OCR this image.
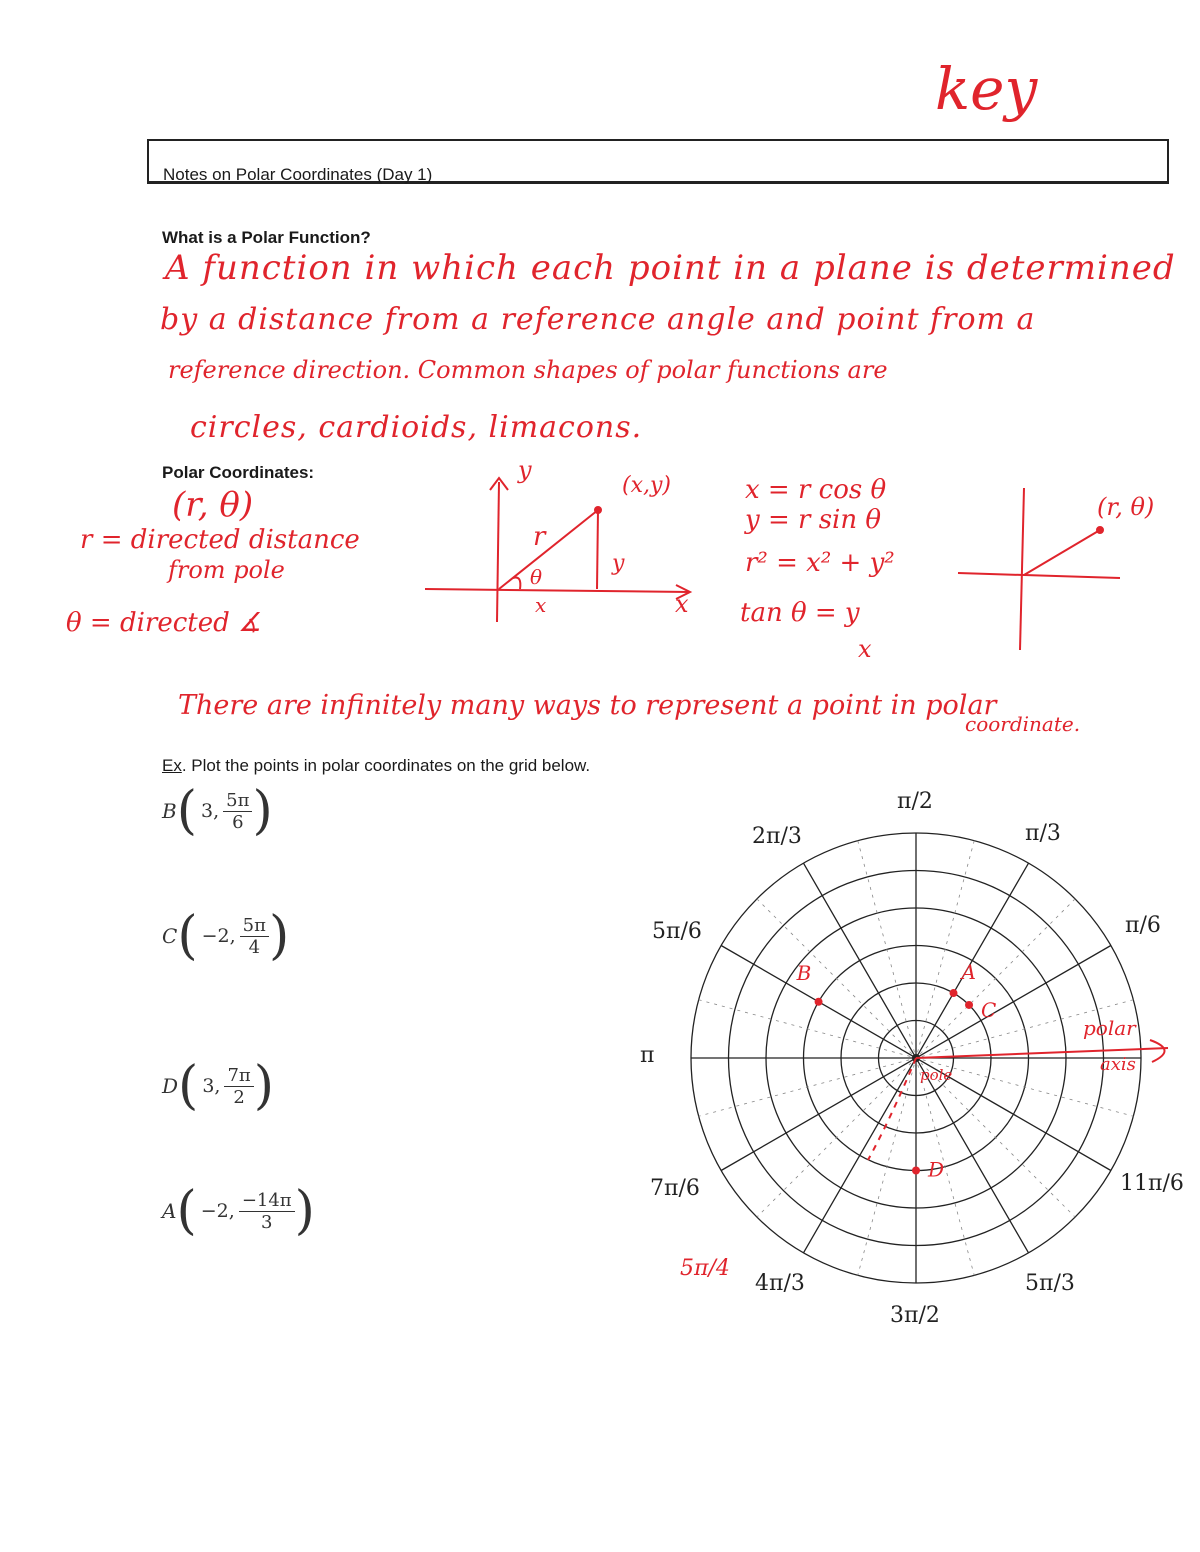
key
Notes on Polar Coordinates (Day 1)
What is a Polar Function?
A function in which each point in a plane is determined
by a distance from a reference angle and point from a
reference direction. Common shapes of polar functions are
circles, cardioids, limacons.
Polar Coordinates:
(r, θ)
r = directed distance
from pole
θ = directed ∡
x = r cos θ
y = r sin θ
r² = x² + y²
tan θ = y
x
There are infinitely many ways to represent a point in polar
coordinate.
Ex. Plot the points in polar coordinates on the grid below.
B ( 3, $\frac{5\pi}{6}$ )
C ( −2, $\frac{5\pi}{4}$ )
D ( 3, $\frac{7\pi}{2}$ )
A ( −2, $\frac{-14\pi}{3}$ )
y
x
(x,y)
r
θ
y
x
(r, θ)
π/2
π/3
π/6
π
11π/6
5π/3
3π/2
4π/3
7π/6
5π/6
2π/3
B	A
C
D
polar
axis
pole
5π/4
